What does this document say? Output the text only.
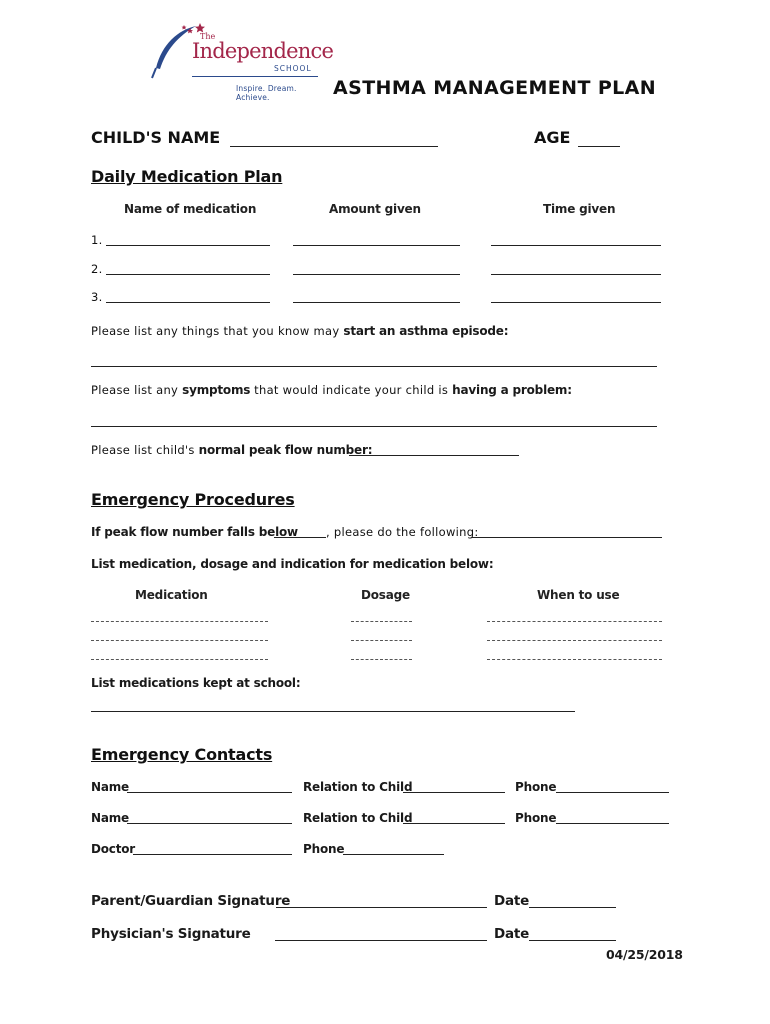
The
Independence
SCHOOL
Inspire. Dream. Achieve.	ASTHMA MANAGEMENT PLAN
CHILD'S NAME	AGE
Daily Medication Plan
Name of medication	Amount given	Time given
1.
2.
3.
Please list any things that you know may start an asthma episode:
Please list any symptoms that would indicate your child is having a problem:
Please list child's normal peak flow number:
Emergency Procedures
If peak flow number falls below , please do the following:
List medication, dosage and indication for medication below:
Medication	Dosage	When to use
List medications kept at school:
Emergency Contacts
Name	Relation to Child	Phone
Name	Relation to Child	Phone
Doctor	Phone
Parent/Guardian Signature	Date
Physician's Signature	Date
04/25/2018
